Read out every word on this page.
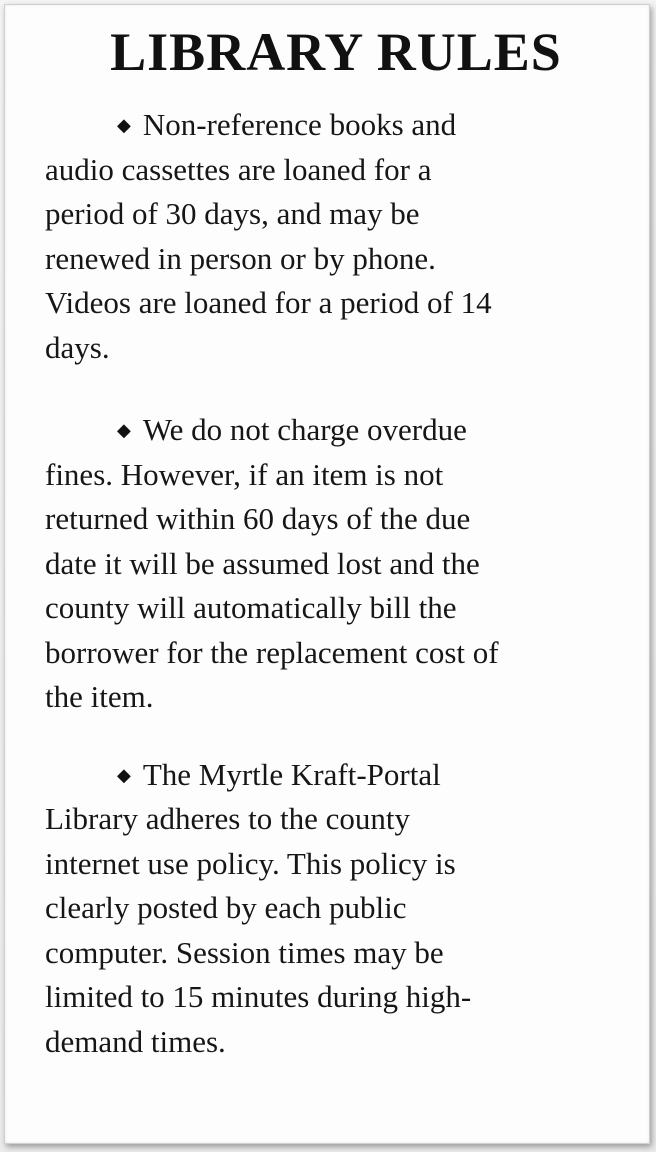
LIBRARY RULES

◆ Non-reference books and
audio cassettes are loaned for a
period of 30 days, and may be
renewed in person or by phone.
Videos are loaned for a period of 14
days.

◆ We do not charge overdue
fines. However, if an item is not
returned within 60 days of the due
date it will be assumed lost and the
county will automatically bill the
borrower for the replacement cost of
the item.

◆ The Myrtle Kraft-Portal
Library adheres to the county
internet use policy. This policy is
clearly posted by each public
computer. Session times may be
limited to 15 minutes during high-
demand times.
